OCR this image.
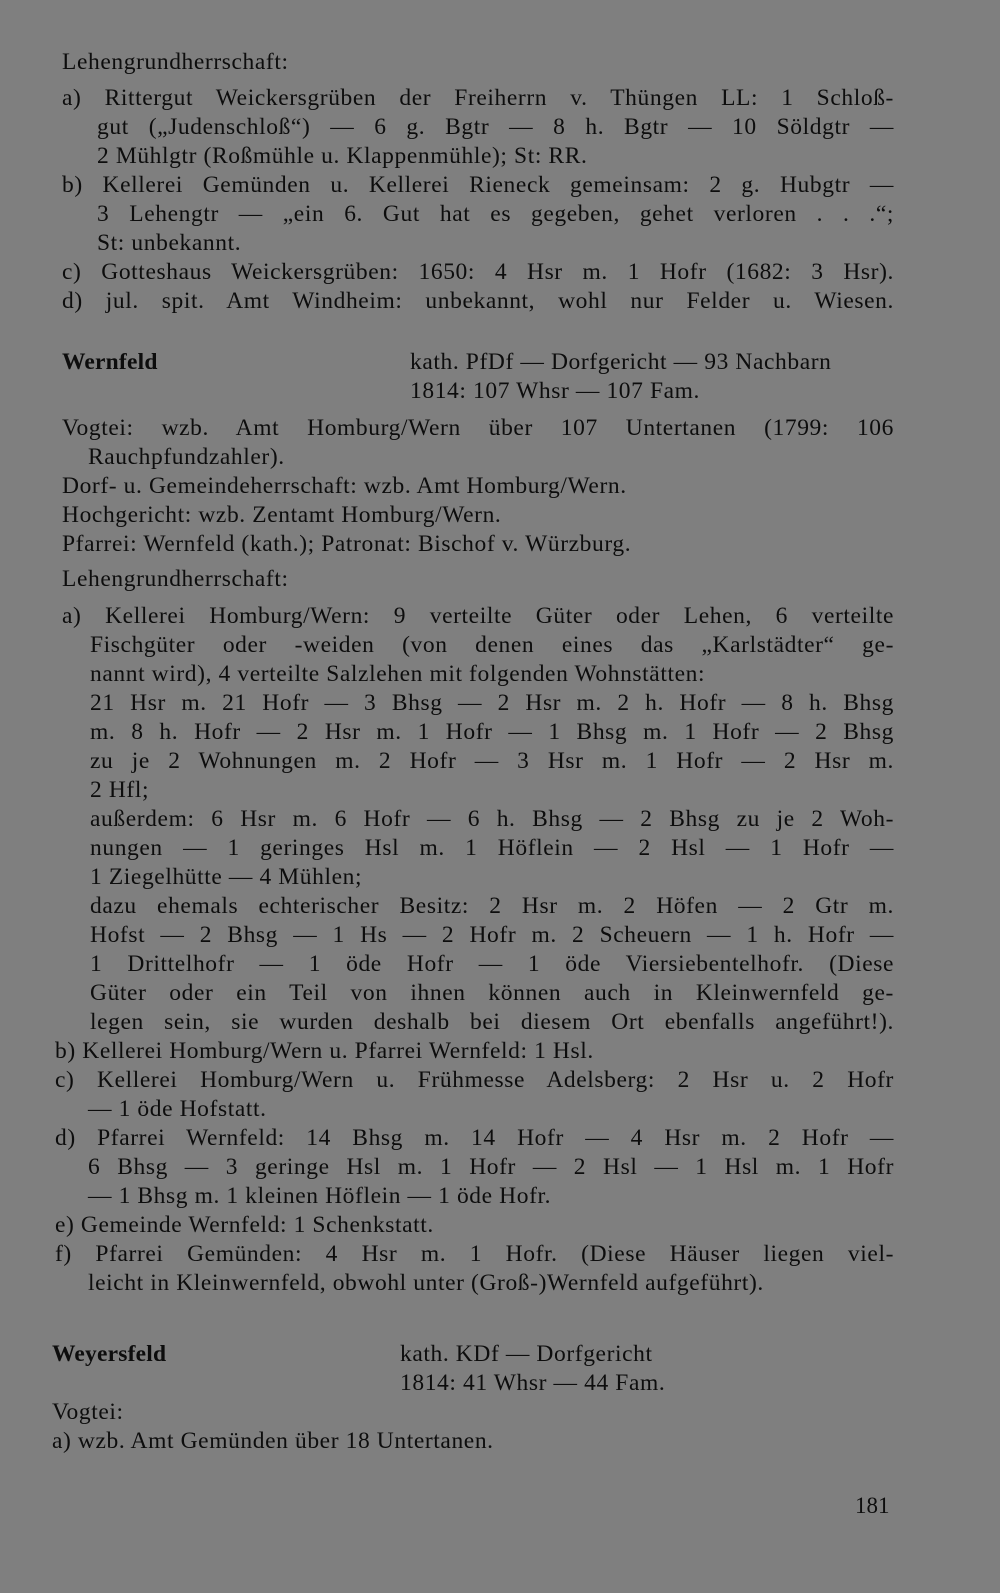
Lehengrundherrschaft:
a) Rittergut Weickersgrüben der Freiherrn v. Thüngen LL: 1 Schloß-
gut („Judenschloß“) — 6 g. Bgtr — 8 h. Bgtr — 10 Söldgtr —
2 Mühlgtr (Roßmühle u. Klappenmühle); St: RR.
b) Kellerei Gemünden u. Kellerei Rieneck gemeinsam: 2 g. Hubgtr —
3 Lehengtr — „ein 6. Gut hat es gegeben, gehet verloren . . .“;
St: unbekannt.
c) Gotteshaus Weickersgrüben: 1650: 4 Hsr m. 1 Hofr (1682: 3 Hsr).
d) jul. spit. Amt Windheim: unbekannt, wohl nur Felder u. Wiesen.
Wernfeld	kath. PfDf — Dorfgericht — 93 Nachbarn
1814: 107 Whsr — 107 Fam.
Vogtei: wzb. Amt Homburg/Wern über 107 Untertanen (1799: 106
Rauchpfundzahler).
Dorf- u. Gemeindeherrschaft: wzb. Amt Homburg/Wern.
Hochgericht: wzb. Zentamt Homburg/Wern.
Pfarrei: Wernfeld (kath.); Patronat: Bischof v. Würzburg.
Lehengrundherrschaft:
a) Kellerei Homburg/Wern: 9 verteilte Güter oder Lehen, 6 verteilte
Fischgüter oder -weiden (von denen eines das „Karlstädter“ ge-
nannt wird), 4 verteilte Salzlehen mit folgenden Wohnstätten:
21 Hsr m. 21 Hofr — 3 Bhsg — 2 Hsr m. 2 h. Hofr — 8 h. Bhsg
m. 8 h. Hofr — 2 Hsr m. 1 Hofr — 1 Bhsg m. 1 Hofr — 2 Bhsg
zu je 2 Wohnungen m. 2 Hofr — 3 Hsr m. 1 Hofr — 2 Hsr m.
2 Hfl;
außerdem: 6 Hsr m. 6 Hofr — 6 h. Bhsg — 2 Bhsg zu je 2 Woh-
nungen — 1 geringes Hsl m. 1 Höflein — 2 Hsl — 1 Hofr —
1 Ziegelhütte — 4 Mühlen;
dazu ehemals echterischer Besitz: 2 Hsr m. 2 Höfen — 2 Gtr m.
Hofst — 2 Bhsg — 1 Hs — 2 Hofr m. 2 Scheuern — 1 h. Hofr —
1 Drittelhofr — 1 öde Hofr — 1 öde Viersiebentelhofr. (Diese
Güter oder ein Teil von ihnen können auch in Kleinwernfeld ge-
legen sein, sie wurden deshalb bei diesem Ort ebenfalls angeführt!).
b) Kellerei Homburg/Wern u. Pfarrei Wernfeld: 1 Hsl.
c) Kellerei Homburg/Wern u. Frühmesse Adelsberg: 2 Hsr u. 2 Hofr
— 1 öde Hofstatt.
d) Pfarrei Wernfeld: 14 Bhsg m. 14 Hofr — 4 Hsr m. 2 Hofr —
6 Bhsg — 3 geringe Hsl m. 1 Hofr — 2 Hsl — 1 Hsl m. 1 Hofr
— 1 Bhsg m. 1 kleinen Höflein — 1 öde Hofr.
e) Gemeinde Wernfeld: 1 Schenkstatt.
f) Pfarrei Gemünden: 4 Hsr m. 1 Hofr. (Diese Häuser liegen viel-
leicht in Kleinwernfeld, obwohl unter (Groß-)Wernfeld aufgeführt).
Weyersfeld	kath. KDf — Dorfgericht
1814: 41 Whsr — 44 Fam.
Vogtei:
a) wzb. Amt Gemünden über 18 Untertanen.
181
